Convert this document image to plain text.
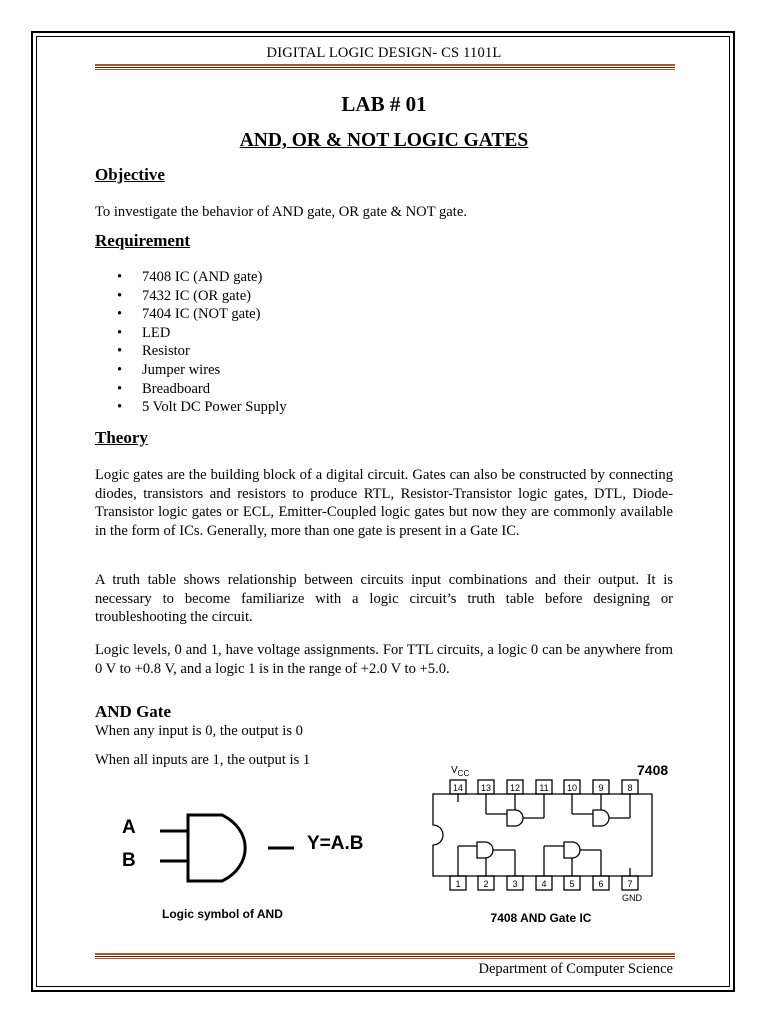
DIGITAL LOGIC DESIGN- CS 1101L
LAB # 01
AND, OR & NOT LOGIC GATES
Objective
To investigate the behavior of AND gate, OR gate & NOT gate.
Requirement
• 7408 IC (AND gate)
• 7432 IC (OR gate)
• 7404 IC (NOT gate)
• LED
• Resistor
• Jumper wires
• Breadboard
• 5 Volt DC Power Supply
Theory
Logic gates are the building block of a digital circuit. Gates can also be constructed by connecting diodes, transistors and resistors to produce RTL, Resistor-Transistor logic gates, DTL, Diode-Transistor logic gates or ECL, Emitter-Coupled logic gates but now they are commonly available in the form of ICs. Generally, more than one gate is present in a Gate IC.
A truth table shows relationship between circuits input combinations and their output. It is necessary to become familiarize with a logic circuit’s truth table before designing or troubleshooting the circuit.
Logic levels, 0 and 1, have voltage assignments. For TTL circuits, a logic 0 can be anywhere from 0 V to +0.8 V, and a logic 1 is in the range of +2.0 V to +5.0.
AND Gate
When any input is 0, the output is 0
When all inputs are 1, the output is 1
A
B
Y=A.B
Logic symbol of AND
$V_{CC}$	7408
14 13 12 11 10 9	8
1	2	3	4	5	6	7
GND
7408 AND Gate IC
Department of Computer Science
